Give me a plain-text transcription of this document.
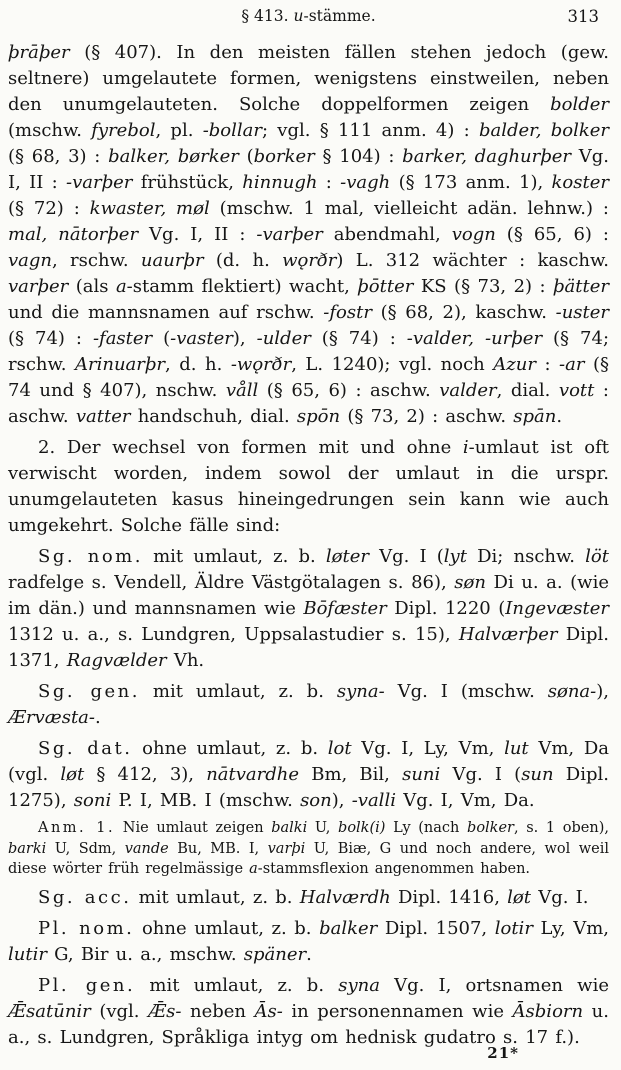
§ 413. u-stämme.	313

þrāþer (§ 407). In den meisten fällen stehen jedoch (gew. seltnere) umgelautete formen, wenigstens einstweilen, neben den unumgelauteten. Solche doppelformen zeigen bolder (mschw. fyrebol, pl. -bollar; vgl. § 111 anm. 4) : balder, bolker (§ 68, 3) : balker, børker (borker § 104) : barker, daghurþer Vg. I, II : -varþer frühstück, hinnugh : -vagh (§ 173 anm. 1), koster (§ 72) : kwaster, møl (mschw. 1 mal, vielleicht adän. lehnw.) : mal, nātorþer Vg. I, II : -varþer abendmahl, vogn (§ 65, 6) : vagn, rschw. uaurþr (d. h. wǫrðr) L. 312 wächter : kaschw. varþer (als a-stamm flektiert) wacht, þōtter KS (§ 73, 2) : þätter und die mannsnamen auf rschw. -fostr (§ 68, 2), kaschw. -uster (§ 74) : -faster (-vaster), -ulder (§ 74) : -valder, -urþer (§ 74; rschw. Arinuarþr, d. h. -wǫrðr, L. 1240); vgl. noch Azur : -ar (§ 74 und § 407), nschw. våll (§ 65, 6) : aschw. valder, dial. vott : aschw. vatter handschuh, dial. spōn (§ 73, 2) : aschw. spān.

2. Der wechsel von formen mit und ohne i-umlaut ist oft verwischt worden, indem sowol der umlaut in die urspr. unumgelauteten kasus hineingedrungen sein kann wie auch umgekehrt. Solche fälle sind:

Sg. nom. mit umlaut, z. b. løter Vg. I (lyt Di; nschw. löt radfelge s. Vendell, Äldre Västgötalagen s. 86), søn Di u. a. (wie im dän.) und mannsnamen wie Bōfæster Dipl. 1220 (Ingevæster 1312 u. a., s. Lundgren, Uppsalastudier s. 15), Halværþer Dipl. 1371, Ragvælder Vh.

Sg. gen. mit umlaut, z. b. syna- Vg. I (mschw. søna-), Ærvæsta-.

Sg. dat. ohne umlaut, z. b. lot Vg. I, Ly, Vm, lut Vm, Da (vgl. løt § 412, 3), nātvardhe Bm, Bil, suni Vg. I (sun Dipl. 1275), soni P. I, MB. I (mschw. son), -valli Vg. I, Vm, Da.

Anm. 1. Nie umlaut zeigen balki U, bolk(i) Ly (nach bolker, s. 1 oben), barki U, Sdm, vande Bu, MB. I, varþi U, Biæ, G und noch andere, wol weil diese wörter früh regelmässige a-stammsflexion angenommen haben.

Sg. acc. mit umlaut, z. b. Halværdh Dipl. 1416, løt Vg. I.

Pl. nom. ohne umlaut, z. b. balker Dipl. 1507, lotir Ly, Vm, lutir G, Bir u. a., mschw. späner.

Pl. gen. mit umlaut, z. b. syna Vg. I, ortsnamen wie Ǣsatūnir (vgl. Ǣs- neben Ās- in personennamen wie Āsbiorn u. a., s. Lundgren, Språkliga intyg om hednisk gudatro s. 17 f.).

21*
